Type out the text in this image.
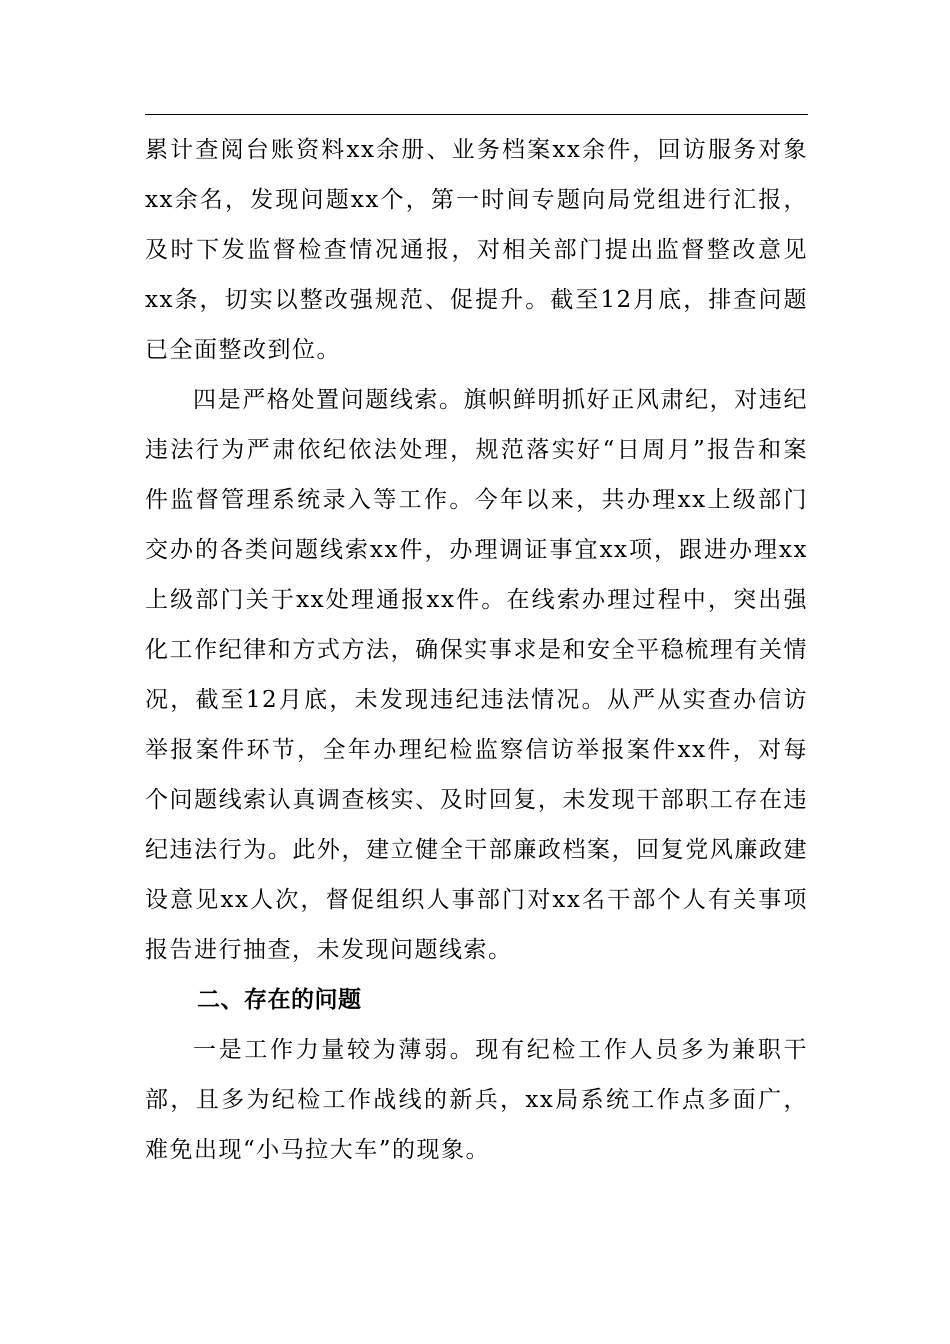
累计查阅台账资料xx余册、业务档案xx余件，回访服务对象xx余名，发现问题xx个，第一时间专题向局党组进行汇报，及时下发监督检查情况通报，对相关部门提出监督整改意见xx条，切实以整改强规范、促提升。截至12月底，排查问题已全面整改到位。

四是严格处置问题线索。旗帜鲜明抓好正风肃纪，对违纪违法行为严肃依纪依法处理，规范落实好“日周月”报告和案件监督管理系统录入等工作。今年以来，共办理xx上级部门交办的各类问题线索xx件，办理调证事宜xx项，跟进办理xx上级部门关于xx处理通报xx件。在线索办理过程中，突出强化工作纪律和方式方法，确保实事求是和安全平稳梳理有关情况，截至12月底，未发现违纪违法情况。从严从实查办信访举报案件环节，全年办理纪检监察信访举报案件xx件，对每个问题线索认真调查核实、及时回复，未发现干部职工存在违纪违法行为。此外，建立健全干部廉政档案，回复党风廉政建设意见xx人次，督促组织人事部门对xx名干部个人有关事项报告进行抽查，未发现问题线索。

二、存在的问题

一是工作力量较为薄弱。现有纪检工作人员多为兼职干部，且多为纪检工作战线的新兵，xx局系统工作点多面广，难免出现“小马拉大车”的现象。
